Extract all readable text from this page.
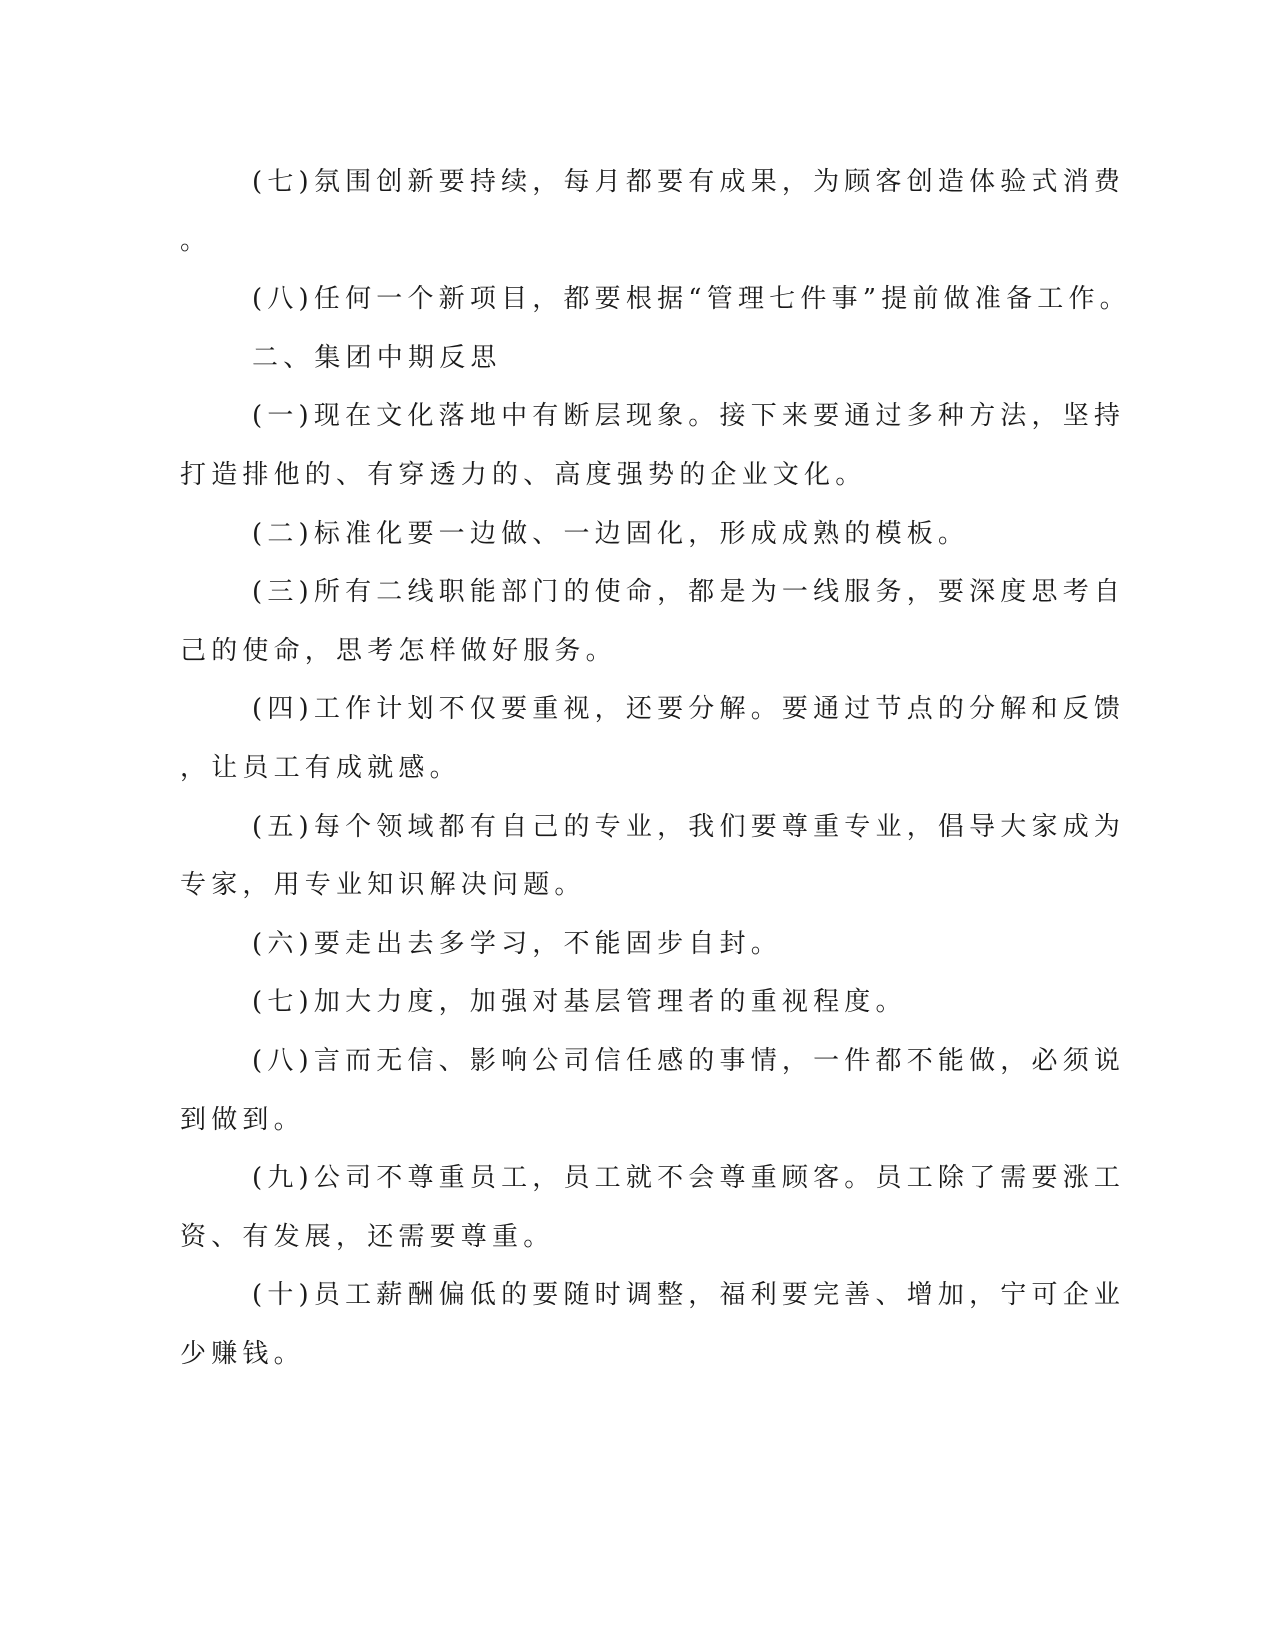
(七)氛围创新要持续，每月都要有成果，为顾客创造体验式消费

。

(八)任何一个新项目，都要根据“管理七件事”提前做准备工作。

二、集团中期反思

(一)现在文化落地中有断层现象。接下来要通过多种方法，坚持

打造排他的、有穿透力的、高度强势的企业文化。

(二)标准化要一边做、一边固化，形成成熟的模板。

(三)所有二线职能部门的使命，都是为一线服务，要深度思考自

己的使命，思考怎样做好服务。

(四)工作计划不仅要重视，还要分解。要通过节点的分解和反馈

，让员工有成就感。

(五)每个领域都有自己的专业，我们要尊重专业，倡导大家成为

专家，用专业知识解决问题。

(六)要走出去多学习，不能固步自封。

(七)加大力度，加强对基层管理者的重视程度。

(八)言而无信、影响公司信任感的事情，一件都不能做，必须说

到做到。

(九)公司不尊重员工，员工就不会尊重顾客。员工除了需要涨工

资、有发展，还需要尊重。

(十)员工薪酬偏低的要随时调整，福利要完善、增加，宁可企业

少赚钱。
